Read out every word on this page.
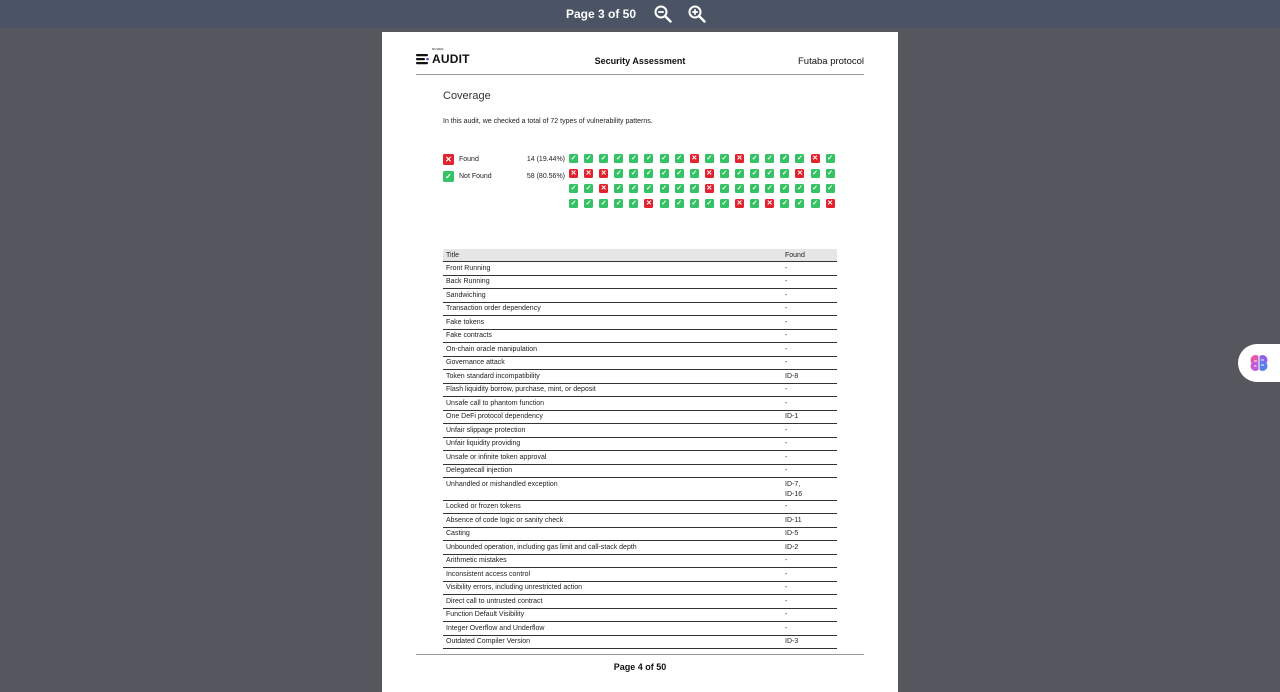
Page 3 of 50
SUHEE
AUDIT	Security Assessment	Futaba protocol
Coverage
In this audit, we checked a total of 72 types of vulnerability patterns.
✕	Found	14 (19.44%)
✓	Not Found	58 (80.56%)
✓ ✓ ✓ ✓ ✓ ✓ ✓ ✓ ✕ ✓ ✓ ✕ ✓ ✓ ✓ ✓ ✕ ✓
✕ ✕ ✕ ✓ ✓ ✓ ✓ ✓ ✓ ✕ ✓ ✓ ✓ ✓ ✓ ✕ ✓ ✓
✓ ✓ ✕ ✓ ✓ ✓ ✓ ✓ ✓ ✕ ✓ ✓ ✓ ✓ ✓ ✓ ✓ ✓
✓ ✓ ✓ ✓ ✓ ✕ ✓ ✓ ✓ ✓ ✓ ✕ ✓ ✕ ✓ ✓ ✓ ✕
Title	Found
Front Running	-
Back Running	-
Sandwiching	-
Transaction order dependency	-
Fake tokens	-
Fake contracts	-
On-chain oracle manipulation	-
Governance attack	-
Token standard incompatibility	ID-8
Flash liquidity borrow, purchase, mint, or deposit	-
Unsafe call to phantom function	-
One DeFi protocol dependency	ID-1
Unfair slippage protection	-
Unfair liquidity providing	-
Unsafe or infinite token approval	-
Delegatecall injection	-
Unhandled or mishandled exception	ID-7,
ID-16
Locked or frozen tokens	-
Absence of code logic or sanity check	ID-11
Casting	ID-5
Unbounded operation, including gas limit and call-stack depth	ID-2
Arithmetic mistakes	-
Inconsistent access control	-
Visibility errors, including unrestricted action	-
Direct call to untrusted contract	-
Function Default Visibility	-
Integer Overflow and Underflow	-
Outdated Compiler Version	ID-3
Page 4 of 50
